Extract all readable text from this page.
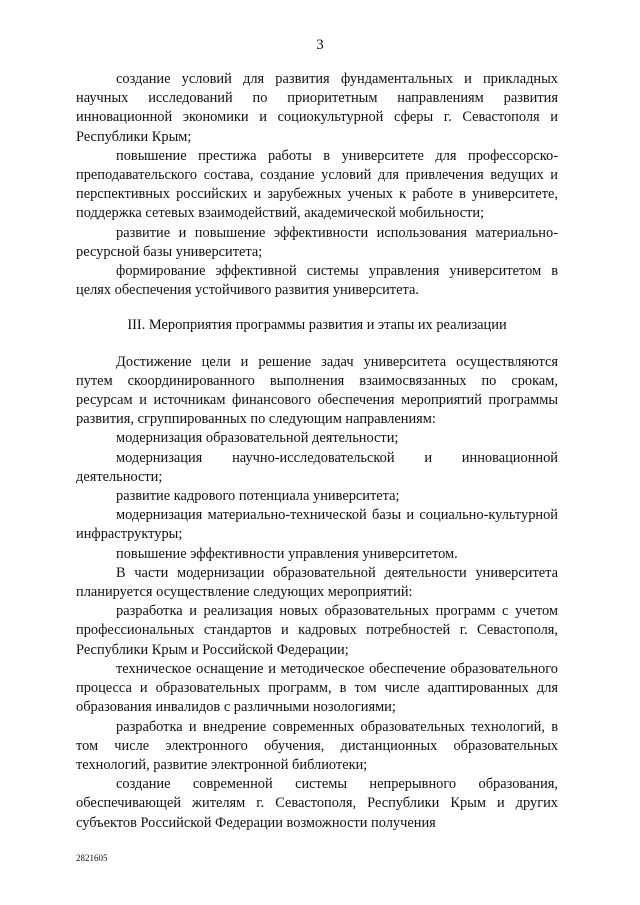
3

создание условий для развития фундаментальных и прикладных научных исследований по приоритетным направлениям развития инновационной экономики и социокультурной сферы г. Севастополя и Республики Крым;

повышение престижа работы в университете для профессорско-преподавательского состава, создание условий для привлечения ведущих и перспективных российских и зарубежных ученых к работе в университете, поддержка сетевых взаимодействий, академической мобильности;

развитие и повышение эффективности использования материально-ресурсной базы университета;

формирование эффективной системы управления университетом в целях обеспечения устойчивого развития университета.

III. Мероприятия программы развития и этапы их реализации

Достижение цели и решение задач университета осуществляются путем скоординированного выполнения взаимосвязанных по срокам, ресурсам и источникам финансового обеспечения мероприятий программы развития, сгруппированных по следующим направлениям:

модернизация образовательной деятельности;

модернизация научно-исследовательской и инновационной деятельности;

развитие кадрового потенциала университета;

модернизация материально-технической базы и социально-культурной инфраструктуры;

повышение эффективности управления университетом.

В части модернизации образовательной деятельности университета планируется осуществление следующих мероприятий:

разработка и реализация новых образовательных программ с учетом профессиональных стандартов и кадровых потребностей г. Севастополя, Республики Крым и Российской Федерации;

техническое оснащение и методическое обеспечение образовательного процесса и образовательных программ, в том числе адаптированных для образования инвалидов с различными нозологиями;

разработка и внедрение современных образовательных технологий, в том числе электронного обучения, дистанционных образовательных технологий, развитие электронной библиотеки;

создание современной системы непрерывного образования, обеспечивающей жителям г. Севастополя, Республики Крым и других субъектов Российской Федерации возможности получения

2821605
